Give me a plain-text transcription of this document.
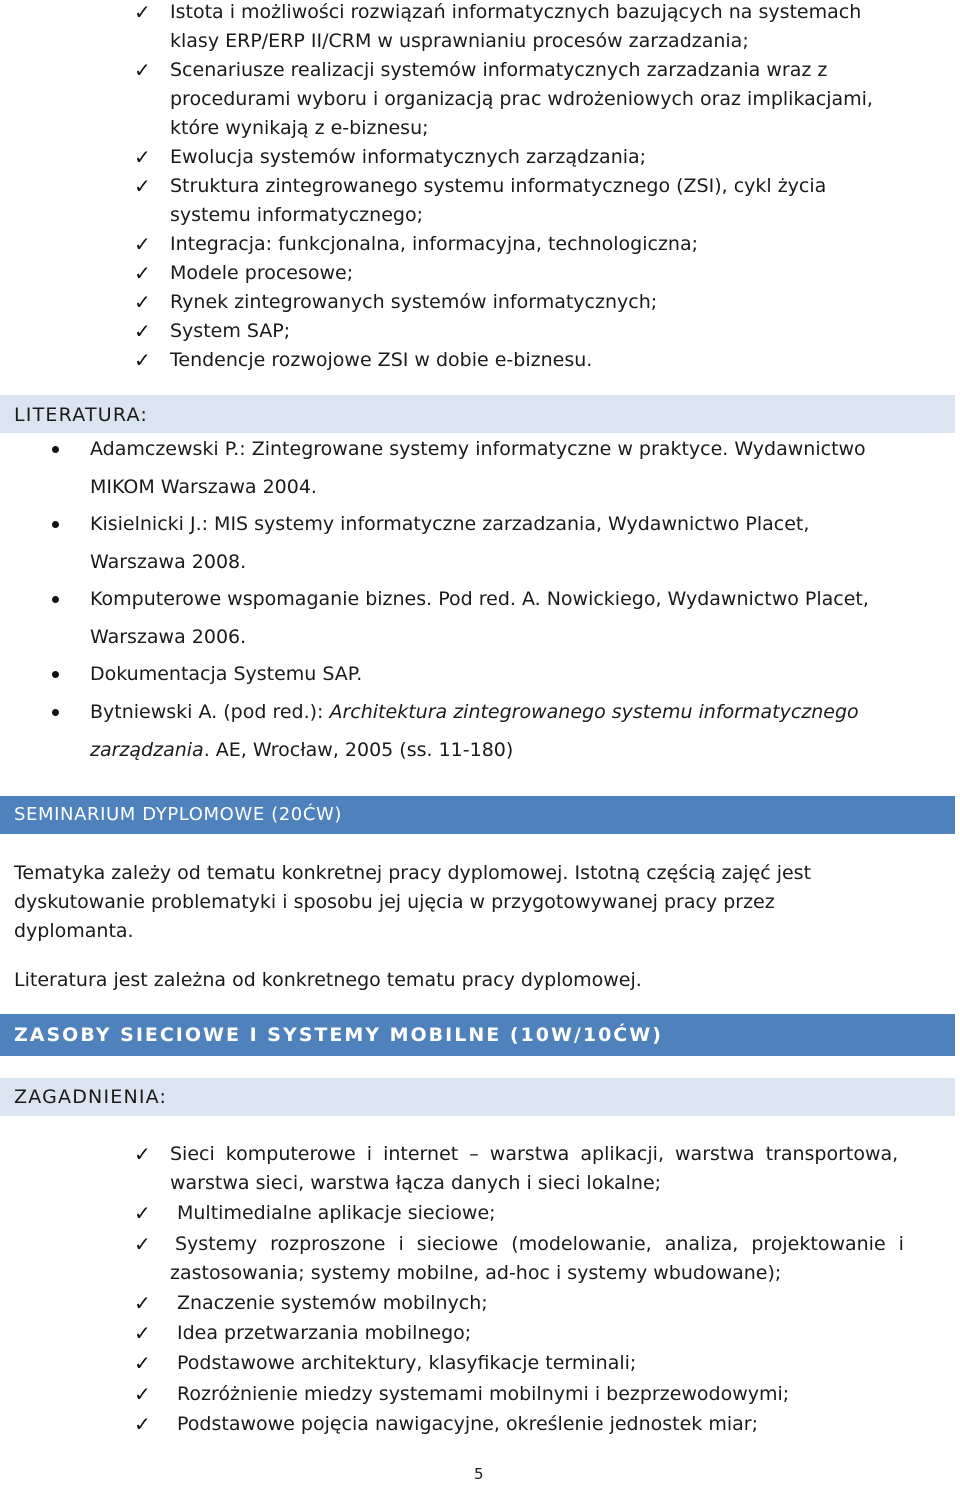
✓ Istota i możliwości rozwiązań informatycznych bazujących na systemach
klasy ERP/ERP II/CRM w usprawnianiu procesów zarzadzania;
✓ Scenariusze realizacji systemów informatycznych zarzadzania wraz z
procedurami wyboru i organizacją prac wdrożeniowych oraz implikacjami,
które wynikają z e-biznesu;
✓ Ewolucja systemów informatycznych zarządzania;
✓ Struktura zintegrowanego systemu informatycznego (ZSI), cykl życia
systemu informatycznego;
✓ Integracja: funkcjonalna, informacyjna, technologiczna;
✓ Modele procesowe;
✓ Rynek zintegrowanych systemów informatycznych;
✓ System SAP;
✓ Tendencje rozwojowe ZSI w dobie e-biznesu.
LITERATURA:
Adamczewski P.: Zintegrowane systemy informatyczne w praktyce. Wydawnictwo
MIKOM Warszawa 2004.
Kisielnicki J.: MIS systemy informatyczne zarzadzania, Wydawnictwo Placet,
Warszawa 2008.
Komputerowe wspomaganie biznes. Pod red. A. Nowickiego, Wydawnictwo Placet,
Warszawa 2006.
Dokumentacja Systemu SAP.
Bytniewski A. (pod red.): Architektura zintegrowanego systemu informatycznego
zarządzania. AE, Wrocław, 2005 (ss. 11-180)
SEMINARIUM DYPLOMOWE (20ĆW)
Tematyka zależy od tematu konkretnej pracy dyplomowej. Istotną częścią zajęć jest
dyskutowanie problematyki i sposobu jej ujęcia w przygotowywanej pracy przez
dyplomanta.
Literatura jest zależna od konkretnego tematu pracy dyplomowej.
ZASOBY SIECIOWE I SYSTEMY MOBILNE (10W/10ĆW)
ZAGADNIENIA:
✓ Sieci komputerowe i internet – warstwa aplikacji, warstwa transportowa,
warstwa sieci, warstwa łącza danych i sieci lokalne;
✓ Multimedialne aplikacje sieciowe;
✓ Systemy rozproszone i sieciowe (modelowanie, analiza, projektowanie i
zastosowania; systemy mobilne, ad-hoc i systemy wbudowane);
✓ Znaczenie systemów mobilnych;
✓ Idea przetwarzania mobilnego;
✓ Podstawowe architektury, klasyfikacje terminali;
✓ Rozróżnienie miedzy systemami mobilnymi i bezprzewodowymi;
✓ Podstawowe pojęcia nawigacyjne, określenie jednostek miar;
5
